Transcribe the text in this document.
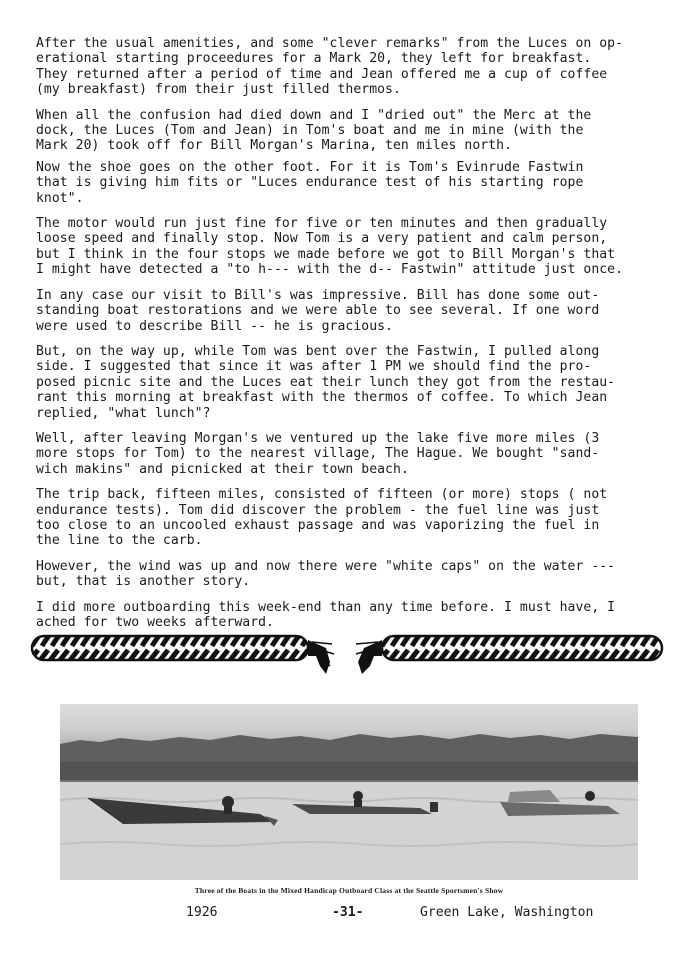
After the usual amenities, and some "clever remarks" from the Luces on op-
erational starting proceedures for a Mark 20, they left for breakfast.
They returned after a period of time and Jean offered me a cup of coffee
(my breakfast) from their just filled thermos.

When all the confusion had died down and I "dried out" the Merc at the
dock, the Luces (Tom and Jean) in Tom's boat and me in mine (with the
Mark 20) took off for Bill Morgan's Marina, ten miles north.

Now the shoe goes on the other foot. For it is Tom's Evinrude Fastwin
that is giving him fits or "Luces endurance test of his starting rope
knot".

The motor would run just fine for five or ten minutes and then gradually
loose speed and finally stop. Now Tom is a very patient and calm person,
but I think in the four stops we made before we got to Bill Morgan's that
I might have detected a "to h--- with the d-- Fastwin" attitude just once.

In any case our visit to Bill's was impressive. Bill has done some out-
standing boat restorations and we were able to see several. If one word
were used to describe Bill -- he is gracious.

But, on the way up, while Tom was bent over the Fastwin, I pulled along
side. I suggested that since it was after 1 PM we should find the pro-
posed picnic site and the Luces eat their lunch they got from the restau-
rant this morning at breakfast with the thermos of coffee. To which Jean
replied, "what lunch"?

Well, after leaving Morgan's we ventured up the lake five more miles (3
more stops for Tom) to the nearest village, The Hague. We bought "sand-
wich makins" and picnicked at their town beach.

The trip back, fifteen miles, consisted of fifteen (or more) stops ( not
endurance tests). Tom did discover the problem - the fuel line was just
too close to an uncooled exhaust passage and was vaporizing the fuel in
the line to the carb.

However, the wind was up and now there were "white caps" on the water ---
but, that is another story.

I did more outboarding this week-end than any time before. I must have, I
ached for two weeks afterward.

Three of the Boats in the Mixed Handicap Outboard Class at the Seattle Sportsmen's Show
1926	-31-	Green Lake, Washington
